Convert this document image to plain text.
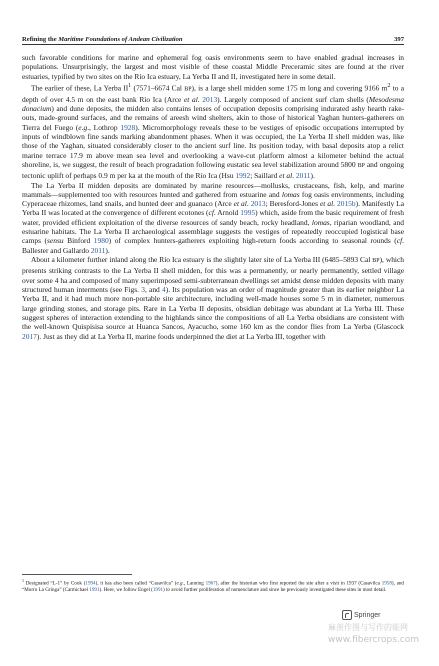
Refining the Maritime Foundations of Andean Civilization	397

such favorable conditions for marine and ephemeral fog oasis environments seem to have enabled gradual increases in populations. Unsurprisingly, the largest and most visible of these coastal Middle Preceramic sites are found at the river estuaries, typified by two sites on the Río Ica estuary, La Yerba II and II, investigated here in some detail.

The earlier of these, La Yerba $II^1$ (7571–6674 Cal BP), is a large shell midden some 175 m long and covering 9166 $m^2$ to a depth of over 4.5 m on the east bank Río Ica (Arce et al. 2013). Largely composed of ancient surf clam shells (Mesodesma donacium) and dune deposits, the midden also contains lenses of occupation deposits comprising indurated ashy hearth rake-outs, made-ground surfaces, and the remains of areesh wind shelters, akin to those of historical Yaghan hunters-gatherers on Tierra del Fuego (e.g., Lothrop 1928). Micromorphology reveals these to be vestiges of episodic occupations interrupted by inputs of windblown fine sands marking abandonment phases. When it was occupied, the La Yerba II shell midden was, like those of the Yaghan, situated considerably closer to the ancient surf line. Its position today, with basal deposits atop a relict marine terrace 17.9 m above mean sea level and overlooking a wave-cut platform almost a kilometer behind the actual shoreline, is, we suggest, the result of beach progradation following eustatic sea level stabilization around 5800 BP and ongoing tectonic uplift of perhaps 0.9 m per ka at the mouth of the Río Ica (Hsu 1992; Saillard et al. 2011).

The La Yerba II midden deposits are dominated by marine resources—mollusks, crustaceans, fish, kelp, and marine mammals—supplemented too with resources hunted and gathered from estuarine and lomas fog oasis environments, including Cyperaceae rhizomes, land snails, and hunted deer and guanaco (Arce et al. 2013; Beresford-Jones et al. 2015b). Manifestly La Yerba II was located at the convergence of different ecotones (cf. Arnold 1995) which, aside from the basic requirement of fresh water, provided efficient exploitation of the diverse resources of sandy beach, rocky headland, lomas, riparian woodland, and estuarine habitats. The La Yerba II archaeological assemblage suggests the vestiges of repeatedly reoccupied logistical base camps (sensu Binford 1980) of complex hunters-gatherers exploiting high-return foods according to seasonal rounds (cf. Ballester and Gallardo 2011).

About a kilometer further inland along the Río Ica estuary is the slightly later site of La Yerba III (6485–5893 Cal BP), which presents striking contrasts to the La Yerba II shell midden, for this was a permanently, or nearly permanently, settled village over some 4 ha and composed of many superimposed semi-subterranean dwellings set amidst dense midden deposits with many structured human interments (see Figs. 3, and 4). Its population was an order of magnitude greater than its earlier neighbor La Yerba II, and it had much more non-portable site architecture, including well-made houses some 5 m in diameter, numerous large grinding stones, and storage pits. Rare in La Yerba II deposits, obsidian debitage was abundant at La Yerba III. These suggest spheres of interaction extending to the highlands since the compositions of all La Yerba obsidians are consistent with the well-known Quispisisa source at Huanca Sancos, Ayacucho, some 160 km as the condor flies from La Yerba (Glascock 2017). Just as they did at La Yerba II, marine foods underpinned the diet at La Yerba III, together with

$^1$ Designated “L-1” by Cook (1994), it has also been called “Casavilca” (e.g., Lanning 1967), after the historian who first reported the site after a visit in 1937 (Casavilca 1958), and “Morro La Gringa” (Carmichael 1991). Here, we follow Engel (1991) to avoid further proliferation of nomenclature and since he previously investigated these sites in most detail.
Springer
麻羡作图与写作的能网
www.fibercrops.com
